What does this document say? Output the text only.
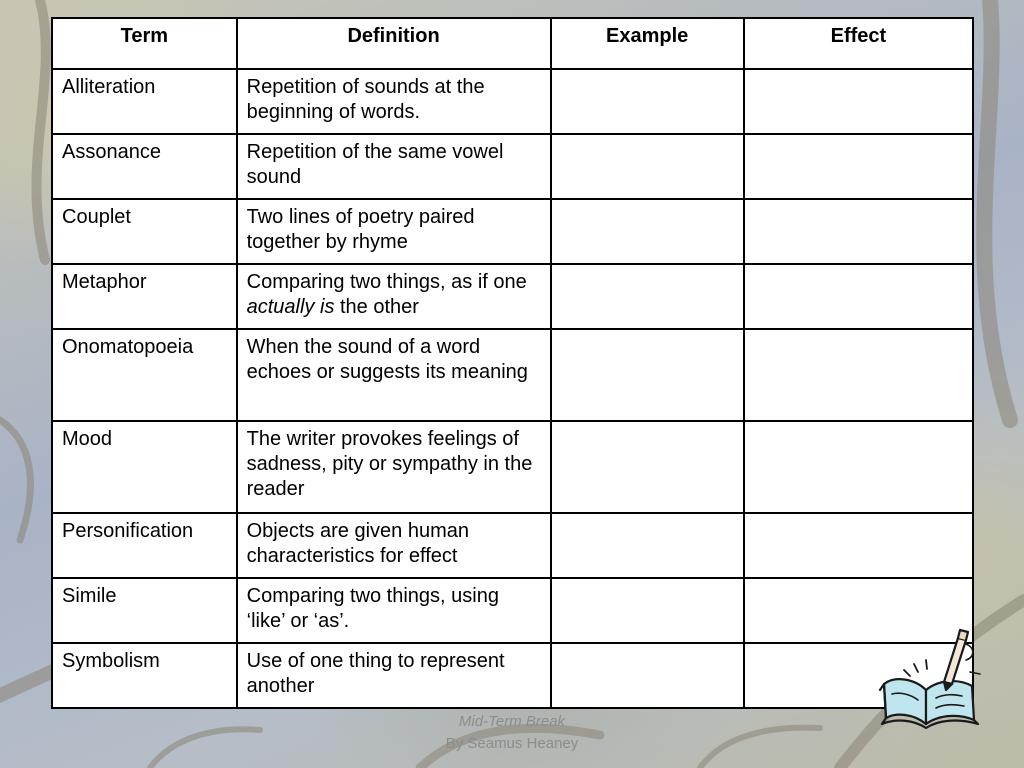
Term	Definition	Example	Effect
Alliteration	Repetition of sounds at the beginning of words.		
Assonance	Repetition of the same vowel sound		
Couplet	Two lines of poetry paired together by rhyme		
Metaphor	Comparing two things, as if one actually is the other		
Onomatopoeia	When the sound of a word echoes or suggests its meaning		
Mood	The writer provokes feelings of sadness, pity or sympathy in the reader		
Personification	Objects are given human characteristics for effect		
Simile	Comparing two things, using ‘like’ or ‘as’.		
Symbolism	Use of one thing to represent another		
Mid-Term Break
By Seamus Heaney
